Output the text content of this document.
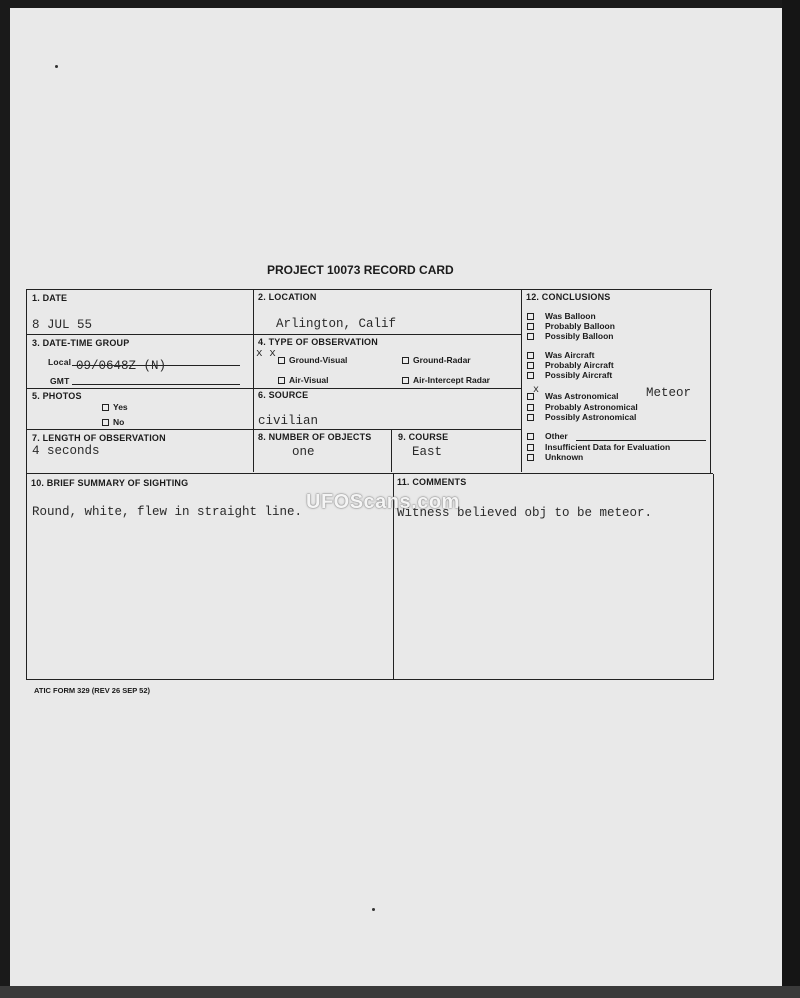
PROJECT 10073 RECORD CARD
1. DATE
8 JUL 55
2. LOCATION
Arlington, Calif
3. DATE-TIME GROUP
Local 09/0648Z (N)
GMT
4. TYPE OF OBSERVATION
x x Ground-Visual	Ground-Radar
Air-Visual	Air-Intercept Radar
5. PHOTOS
Yes
No
6. SOURCE
civilian
7. LENGTH OF OBSERVATION
4 seconds
8. NUMBER OF OBJECTS
one
9. COURSE
East
10. BRIEF SUMMARY OF SIGHTING
Round, white, flew in straight line.
11. COMMENTS
Witness believed obj to be meteor.
12. CONCLUSIONS
Was Balloon
Probably Balloon
Possibly Balloon
Was Aircraft
Probably Aircraft
Possibly Aircraft
x Was Astronomical Meteor
Probably Astronomical
Possibly Astronomical
Other
Insufficient Data for Evaluation
Unknown
UFOScans.com
ATIC FORM 329 (REV 26 SEP 52)
